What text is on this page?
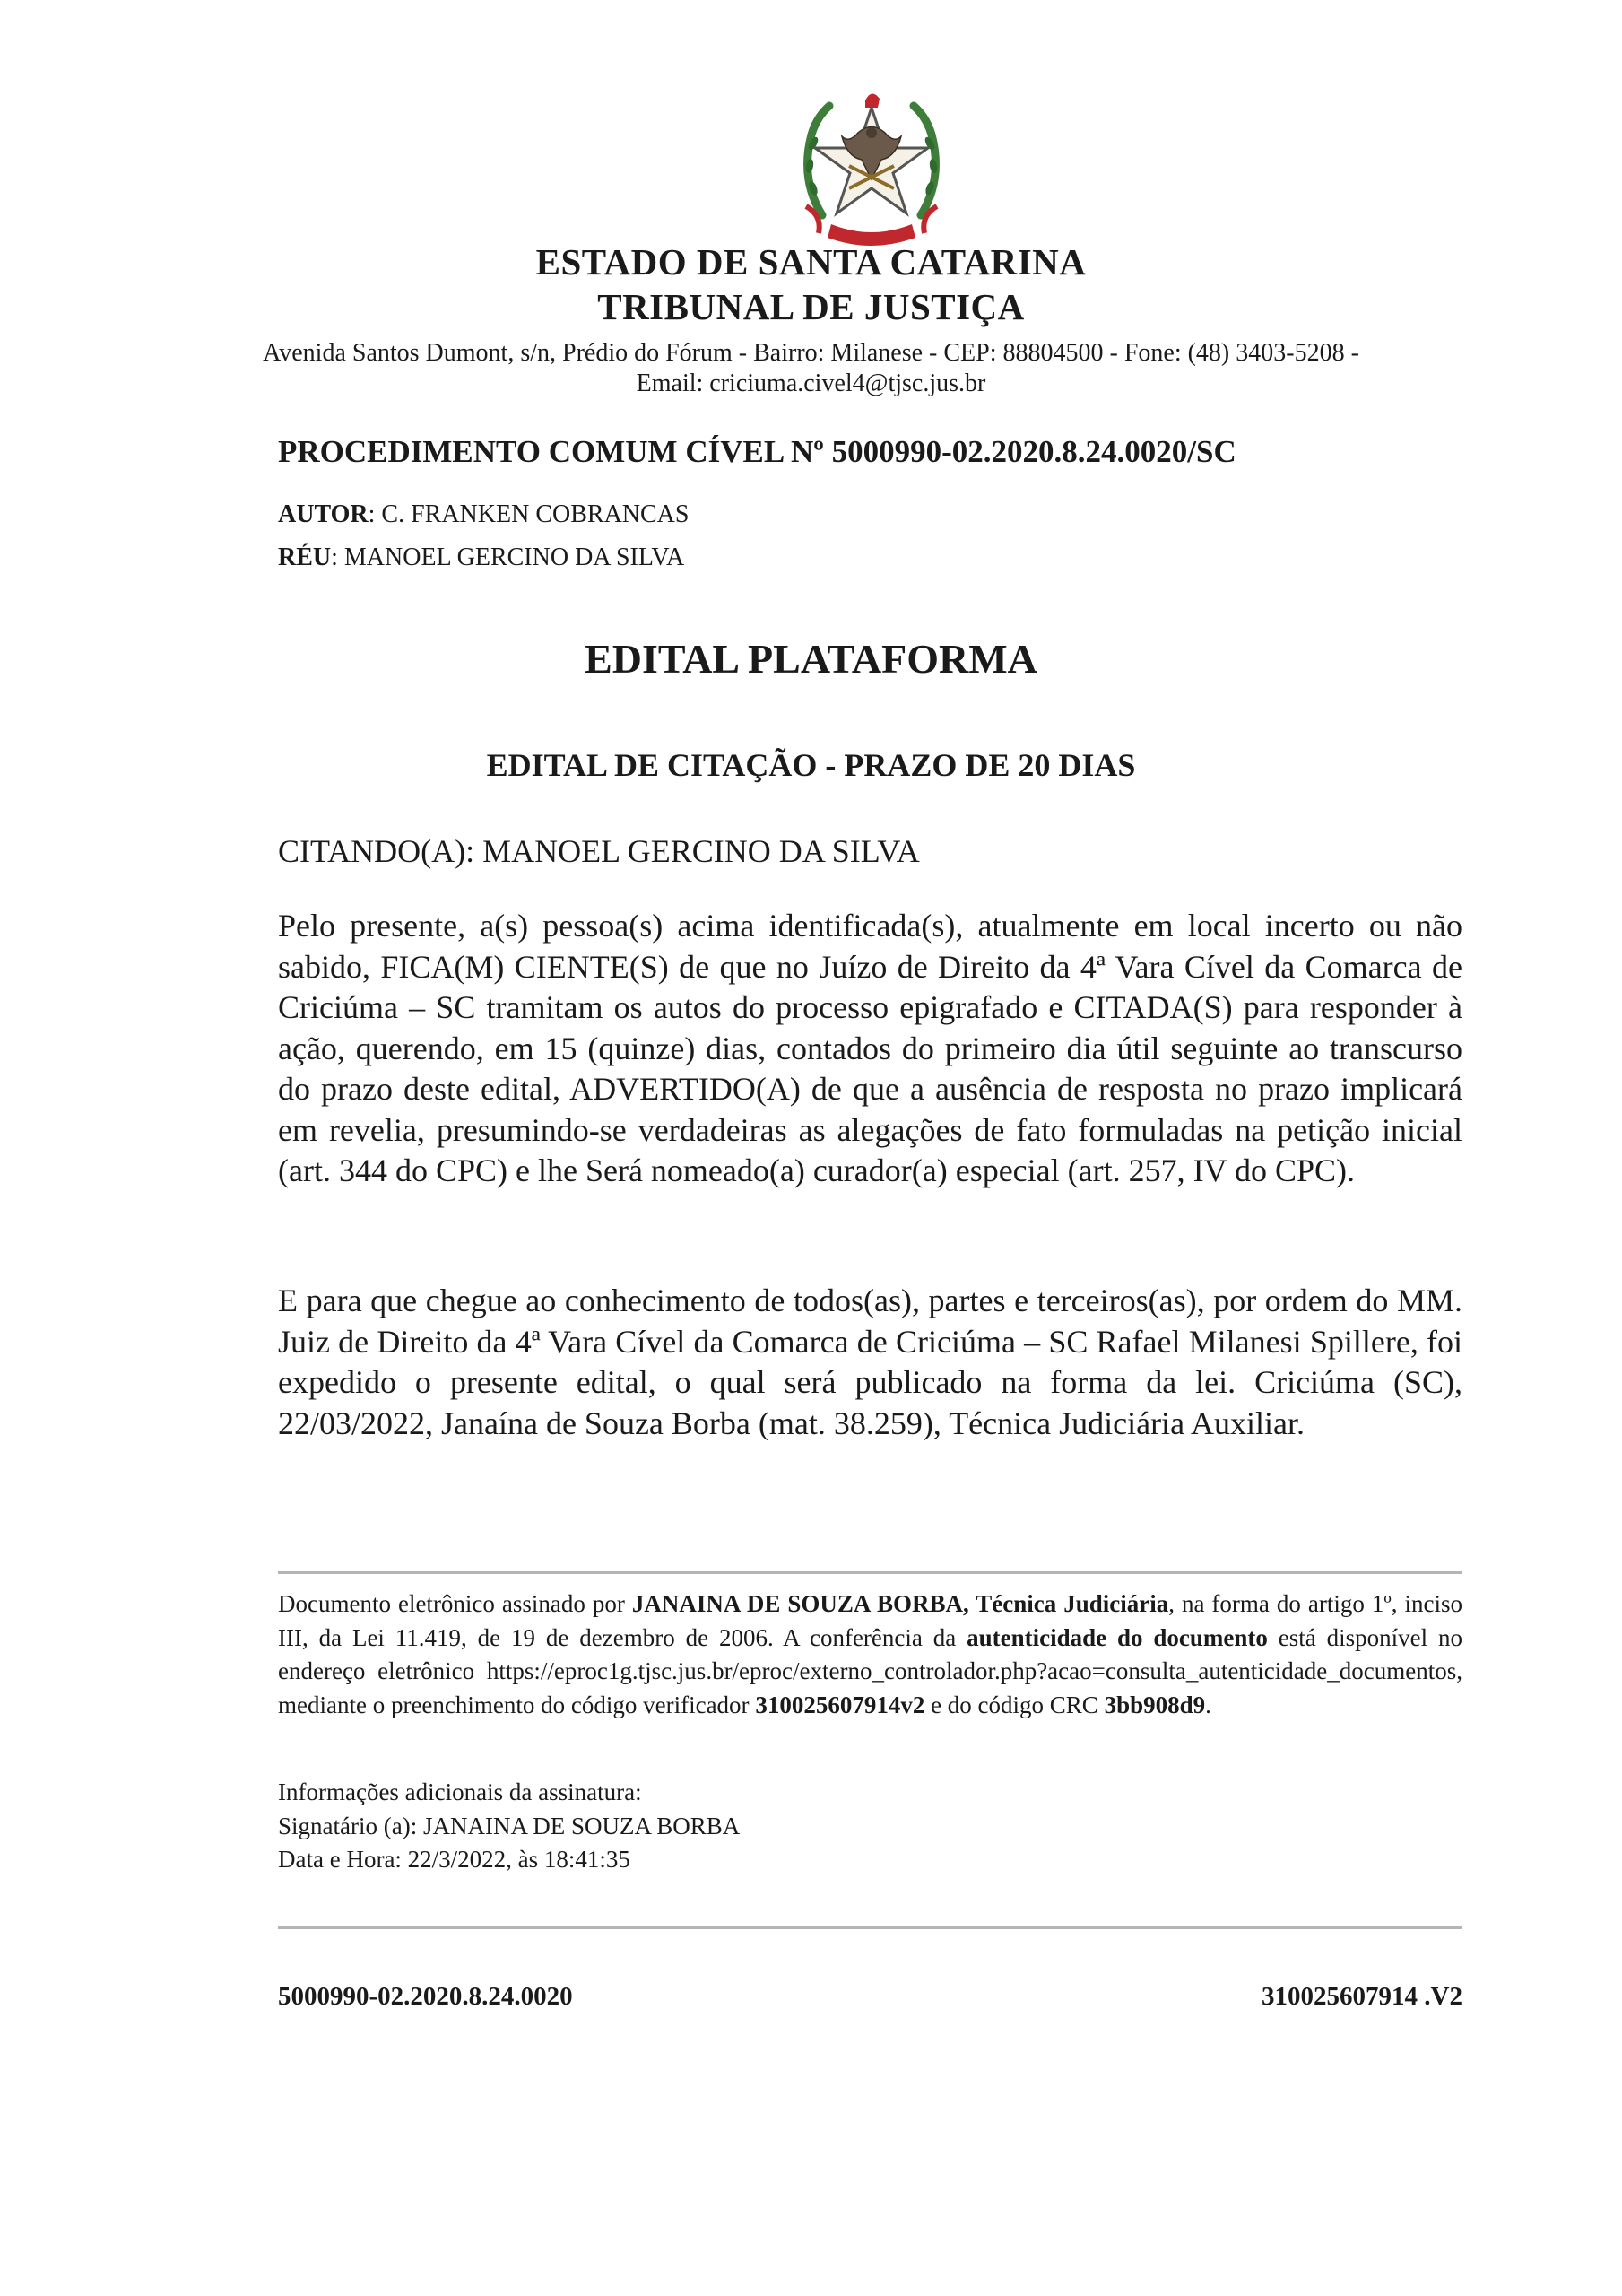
ESTADO DE SANTA CATARINA
TRIBUNAL DE JUSTIÇA
Avenida Santos Dumont, s/n, Prédio do Fórum - Bairro: Milanese - CEP: 88804500 - Fone: (48) 3403-5208 -
Email: criciuma.civel4@tjsc.jus.br
PROCEDIMENTO COMUM CÍVEL Nº 5000990-02.2020.8.24.0020/SC
AUTOR: C. FRANKEN COBRANCAS
RÉU: MANOEL GERCINO DA SILVA
EDITAL PLATAFORMA
EDITAL DE CITAÇÃO - PRAZO DE 20 DIAS
CITANDO(A): MANOEL GERCINO DA SILVA
Pelo presente, a(s) pessoa(s) acima identificada(s), atualmente em local incerto ou não sabido, FICA(M) CIENTE(S) de que no Juízo de Direito da 4ª Vara Cível da Comarca de Criciúma – SC tramitam os autos do processo epigrafado e CITADA(S) para responder à ação, querendo, em 15 (quinze) dias, contados do primeiro dia útil seguinte ao transcurso do prazo deste edital, ADVERTIDO(A) de que a ausência de resposta no prazo implicará em revelia, presumindo-se verdadeiras as alegações de fato formuladas na petição inicial (art. 344 do CPC) e lhe Será nomeado(a) curador(a) especial (art. 257, IV do CPC).
E para que chegue ao conhecimento de todos(as), partes e terceiros(as), por ordem do MM. Juiz de Direito da 4ª Vara Cível da Comarca de Criciúma – SC Rafael Milanesi Spillere, foi expedido o presente edital, o qual será publicado na forma da lei. Criciúma (SC), 22/03/2022, Janaína de Souza Borba (mat. 38.259), Técnica Judiciária Auxiliar.
Documento eletrônico assinado por JANAINA DE SOUZA BORBA, Técnica Judiciária, na forma do artigo 1º, inciso III, da Lei 11.419, de 19 de dezembro de 2006. A conferência da autenticidade do documento está disponível no endereço eletrônico https://eproc1g.tjsc.jus.br/eproc/externo_controlador.php?acao=consulta_autenticidade_documentos, mediante o preenchimento do código verificador 310025607914v2 e do código CRC 3bb908d9.
Informações adicionais da assinatura:
Signatário (a): JANAINA DE SOUZA BORBA
Data e Hora: 22/3/2022, às 18:41:35
5000990-02.2020.8.24.0020	310025607914 .V2
